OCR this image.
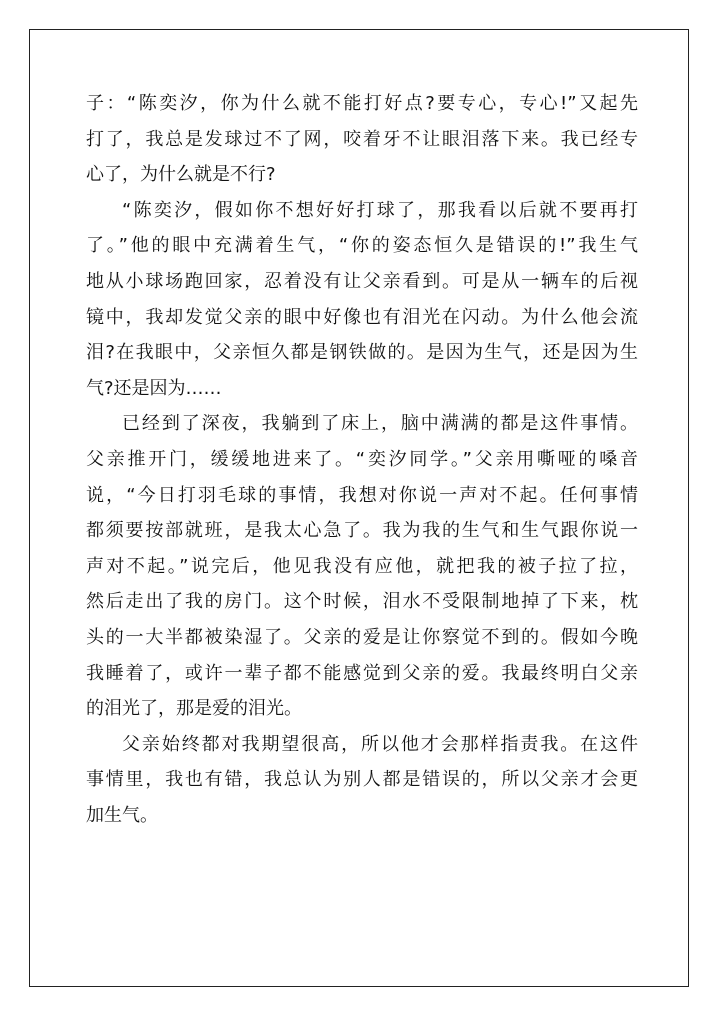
子：“陈奕汐，你为什么就不能打好点?要专心，专心!”又起先
打了，我总是发球过不了网，咬着牙不让眼泪落下来。我已经专
心了，为什么就是不行?

“陈奕汐，假如你不想好好打球了，那我看以后就不要再打
了。”他的眼中充满着生气，“你的姿态恒久是错误的!”我生气
地从小球场跑回家，忍着没有让父亲看到。可是从一辆车的后视
镜中，我却发觉父亲的眼中好像也有泪光在闪动。为什么他会流
泪?在我眼中，父亲恒久都是钢铁做的。是因为生气，还是因为生
气?还是因为……

已经到了深夜，我躺到了床上，脑中满满的都是这件事情。
父亲推开门，缓缓地进来了。“奕汐同学。”父亲用嘶哑的嗓音
说，“今日打羽毛球的事情，我想对你说一声对不起。任何事情
都须要按部就班，是我太心急了。我为我的生气和生气跟你说一
声对不起。”说完后，他见我没有应他，就把我的被子拉了拉，
然后走出了我的房门。这个时候，泪水不受限制地掉了下来，枕
头的一大半都被染湿了。父亲的爱是让你察觉不到的。假如今晚
我睡着了，或许一辈子都不能感觉到父亲的爱。我最终明白父亲
的泪光了，那是爱的泪光。

父亲始终都对我期望很高，所以他才会那样指责我。在这件
事情里，我也有错，我总认为别人都是错误的，所以父亲才会更
加生气。
